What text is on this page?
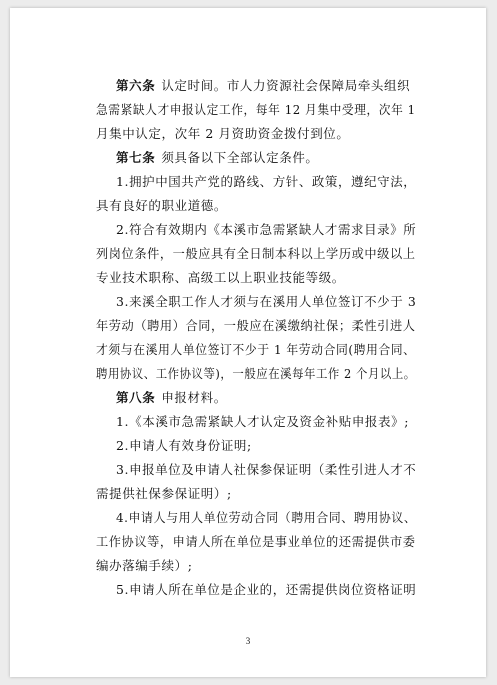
第六条 认定时间。市人力资源社会保障局牵头组织
急需紧缺人才申报认定工作，每年 12 月集中受理，次年 1
月集中认定，次年 2 月资助资金拨付到位。
第七条 须具备以下全部认定条件。
1.拥护中国共产党的路线、方针、政策，遵纪守法，
具有良好的职业道德。
2.符合有效期内《本溪市急需紧缺人才需求目录》所
列岗位条件，一般应具有全日制本科以上学历或中级以上
专业技术职称、高级工以上职业技能等级。
3.来溪全职工作人才须与在溪用人单位签订不少于 3
年劳动（聘用）合同，一般应在溪缴纳社保；柔性引进人
才须与在溪用人单位签订不少于 1 年劳动合同(聘用合同、
聘用协议、工作协议等)，一般应在溪每年工作 2 个月以上。
第八条 申报材料。
1.《本溪市急需紧缺人才认定及资金补贴申报表》;
2.申请人有效身份证明;
3.申报单位及申请人社保参保证明（柔性引进人才不
需提供社保参保证明）;
4.申请人与用人单位劳动合同（聘用合同、聘用协议、
工作协议等，申请人所在单位是事业单位的还需提供市委
编办落编手续）;
5.申请人所在单位是企业的，还需提供岗位资格证明
3
